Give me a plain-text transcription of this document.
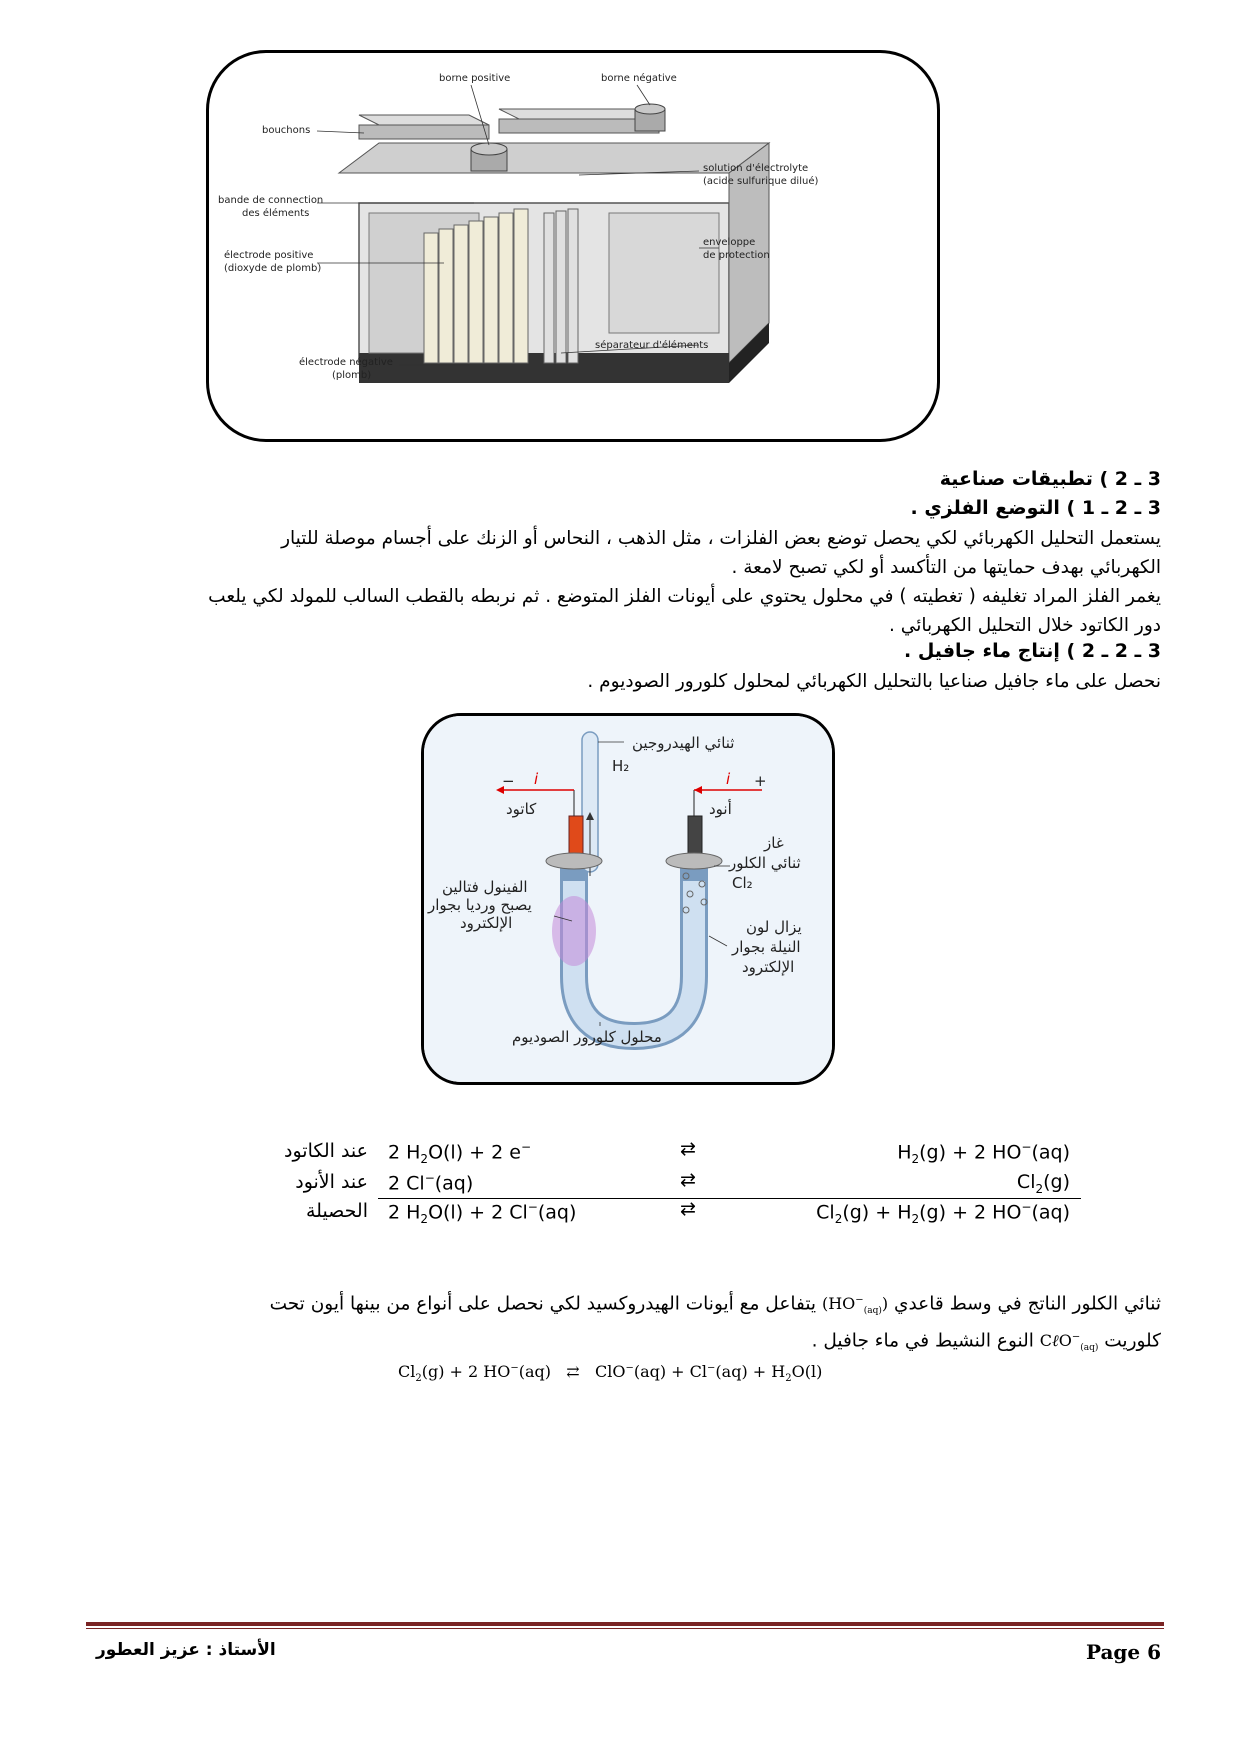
borne positive	borne négative
bouchons
solution d'électrolyte
(acide sulfurique dilué)
bande de connection
des éléments
enveloppe
de protection
électrode positive
(dioxyde de plomb)
séparateur d'éléments
électrode négative
(plomb)
3 ـ 2 ) تطبيقات صناعية
3 ـ 2 ـ 1 ) التوضع الفلزي .
يستعمل التحليل الكهربائي لكي يحصل توضع بعض الفلزات ، مثل الذهب ، النحاس أو الزنك على أجسام موصلة للتيار
الكهربائي بهدف حمايتها من التأكسد أو لكي تصبح لامعة .
يغمر الفلز المراد تغليفه ( تغطيته ) في محلول يحتوي على أيونات الفلز المتوضع . ثم نربطه بالقطب السالب للمولد لكي يلعب
دور الكاتود خلال التحليل الكهربائي .
3 ـ 2 ـ 2 ) إنتاج ماء جافيل .
نحصل على ماء جافيل صناعيا بالتحليل الكهربائي لمحلول كلورور الصوديوم .
ثنائي الهيدروجين
H₂
− i	i +
كاتود	أنود
غاز
ثنائي الكلور
Cl₂
الفينول فتالين
يصبح ورديا بجوار
الإلكترود	يزال لون
النيلة بجوار
الإلكترود
محلول كلورور الصوديوم
عند الكاتود 2 $H_2O(l) + 2$ e−	⇄	$H_2(g) + 2$ HO−(aq)
عند الأنود 2 Cl−(aq)	⇄	$Cl_2(g)$
الحصيلة 2 $H_2O(l) + 2$ Cl−(aq)	⇄	$Cl_2(g) + H_2(g) + 2$ HO−(aq)
ثنائي الكلور الناتج في وسط قاعدي $(HO^-_{(aq)})$ يتفاعل مع أيونات الهيدروكسيد لكي نحصل على أنواع من بينها أيون تحت
كلوريت CℓO−$_{(aq)}$ النوع النشيط في ماء جافيل .
$Cl_2(g) + 2$ HO−(aq)   ⇄   $ClO^-(aq) + Cl^-(aq) + H_2O(l)$
الأستاذ : عزيز العطور	Page 6
